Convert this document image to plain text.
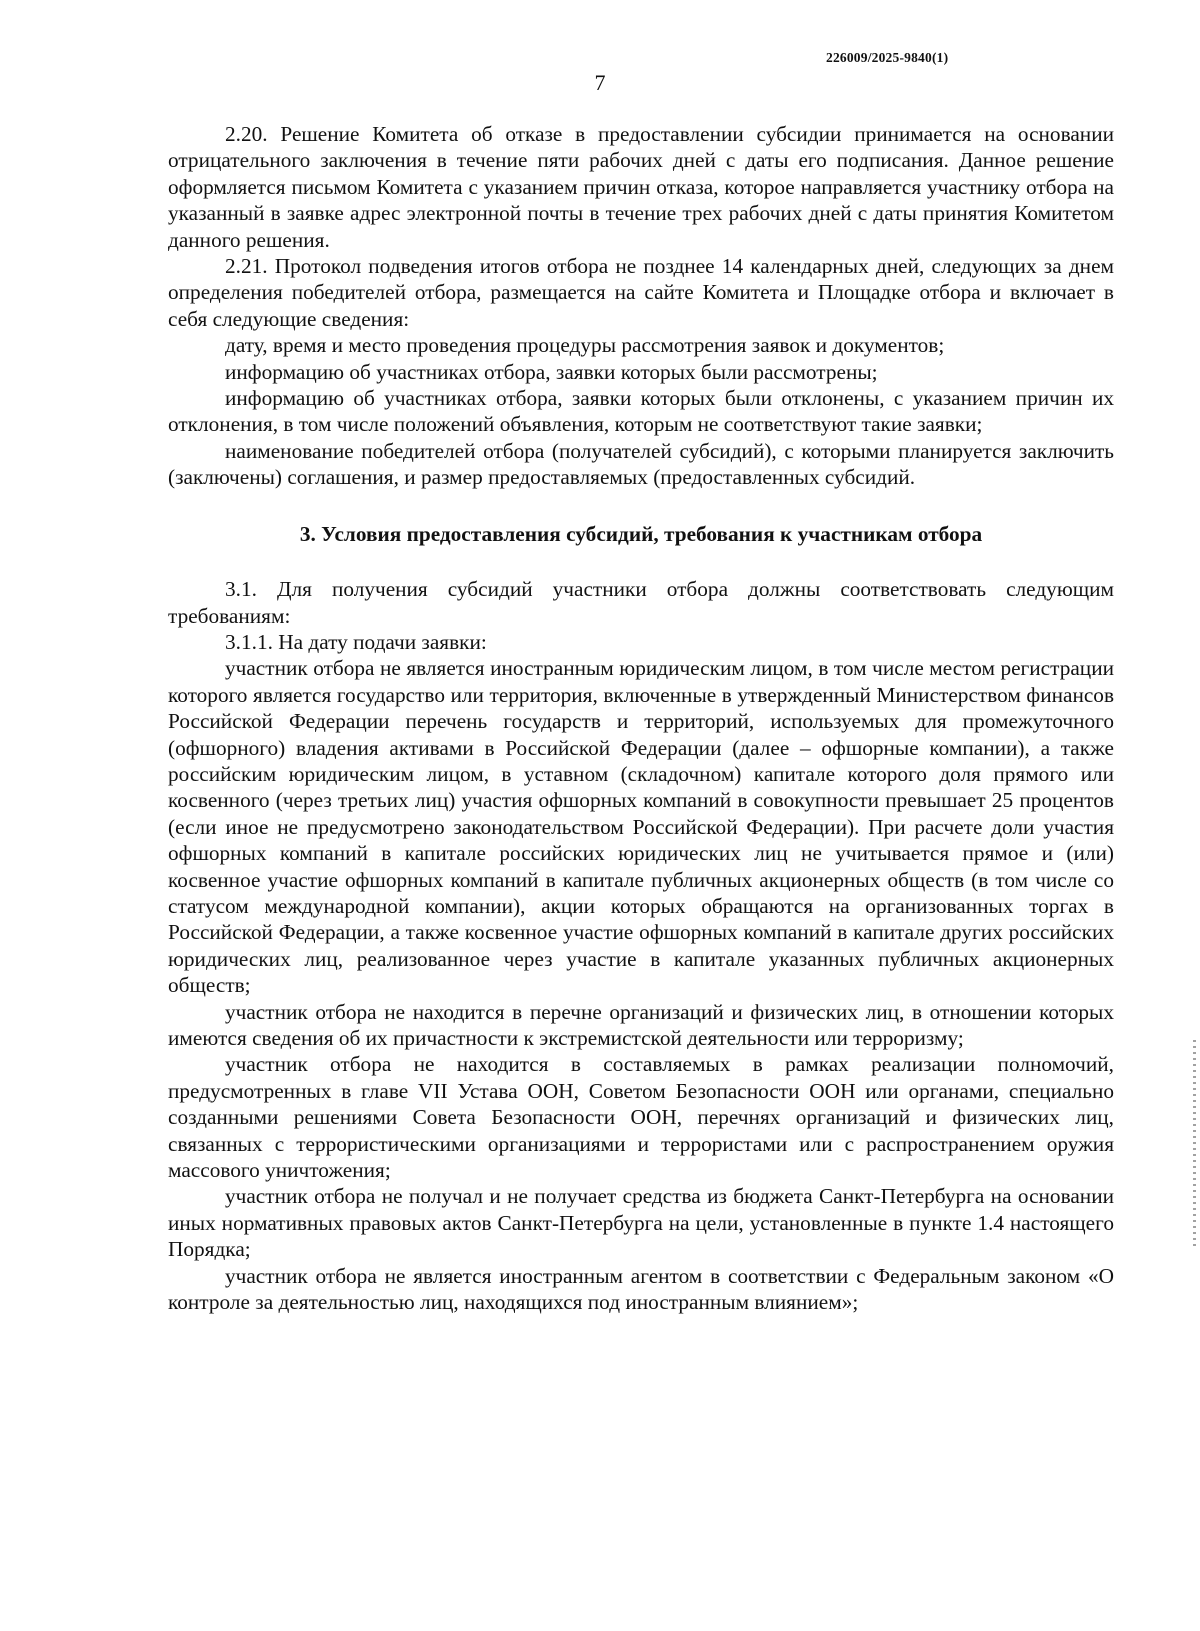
226009/2025-9840(1)
7

2.20. Решение Комитета об отказе в предоставлении субсидии принимается на основании отрицательного заключения в течение пяти рабочих дней с даты его подписания. Данное решение оформляется письмом Комитета с указанием причин отказа, которое направляется участнику отбора на указанный в заявке адрес электронной почты в течение трех рабочих дней с даты принятия Комитетом данного решения.

2.21. Протокол подведения итогов отбора не позднее 14 календарных дней, следующих за днем определения победителей отбора, размещается на сайте Комитета и Площадке отбора и включает в себя следующие сведения:

дату, время и место проведения процедуры рассмотрения заявок и документов;

информацию об участниках отбора, заявки которых были рассмотрены;

информацию об участниках отбора, заявки которых были отклонены, с указанием причин их отклонения, в том числе положений объявления, которым не соответствуют такие заявки;

наименование победителей отбора (получателей субсидий), с которыми планируется заключить (заключены) соглашения, и размер предоставляемых (предоставленных субсидий.

3. Условия предоставления субсидий, требования к участникам отбора

3.1. Для получения субсидий участники отбора должны соответствовать следующим требованиям:

3.1.1. На дату подачи заявки:

участник отбора не является иностранным юридическим лицом, в том числе местом регистрации которого является государство или территория, включенные в утвержденный Министерством финансов Российской Федерации перечень государств и территорий, используемых для промежуточного (офшорного) владения активами в Российской Федерации (далее – офшорные компании), а также российским юридическим лицом, в уставном (складочном) капитале которого доля прямого или косвенного (через третьих лиц) участия офшорных компаний в совокупности превышает 25 процентов (если иное не предусмотрено законодательством Российской Федерации). При расчете доли участия офшорных компаний в капитале российских юридических лиц не учитывается прямое и (или) косвенное участие офшорных компаний в капитале публичных акционерных обществ (в том числе со статусом международной компании), акции которых обращаются на организованных торгах в Российской Федерации, а также косвенное участие офшорных компаний в капитале других российских юридических лиц, реализованное через участие в капитале указанных публичных акционерных обществ;

участник отбора не находится в перечне организаций и физических лиц, в отношении которых имеются сведения об их причастности к экстремистской деятельности или терроризму;

участник отбора не находится в составляемых в рамках реализации полномочий, предусмотренных в главе VII Устава ООН, Советом Безопасности ООН или органами, специально созданными решениями Совета Безопасности ООН, перечнях организаций и физических лиц, связанных с террористическими организациями и террористами или с распространением оружия массового уничтожения;

участник отбора не получал и не получает средства из бюджета Санкт-Петербурга на основании иных нормативных правовых актов Санкт-Петербурга на цели, установленные в пункте 1.4 настоящего Порядка;

участник отбора не является иностранным агентом в соответствии с Федеральным законом «О контроле за деятельностью лиц, находящихся под иностранным влиянием»;
